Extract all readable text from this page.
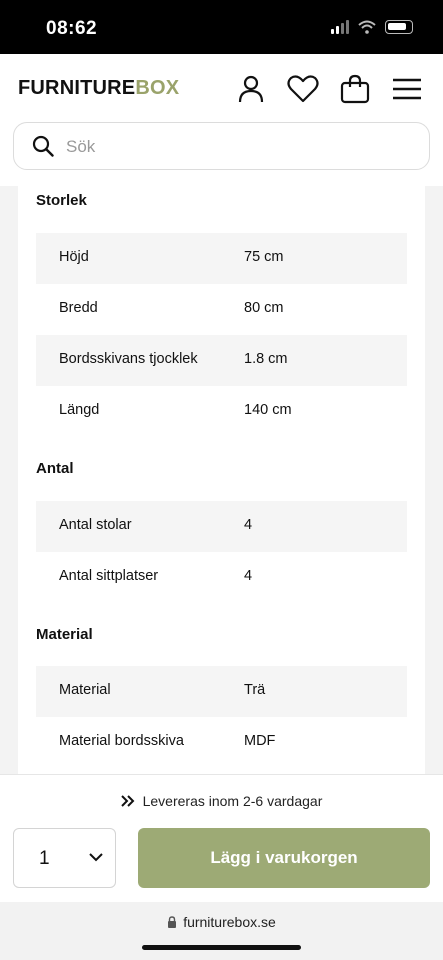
08:62
FURNITUREBOX
Sök
Storlek
Höjd	75 cm
Bredd	80 cm
Bordsskivans tjocklek	1.8 cm
Längd	140 cm
Antal
Antal stolar	4
Antal sittplatser	4
Material
Material	Trä
Material bordsskiva	MDF
Levereras inom 2-6 vardagar
1	Lägg i varukorgen
furniturebox.se
